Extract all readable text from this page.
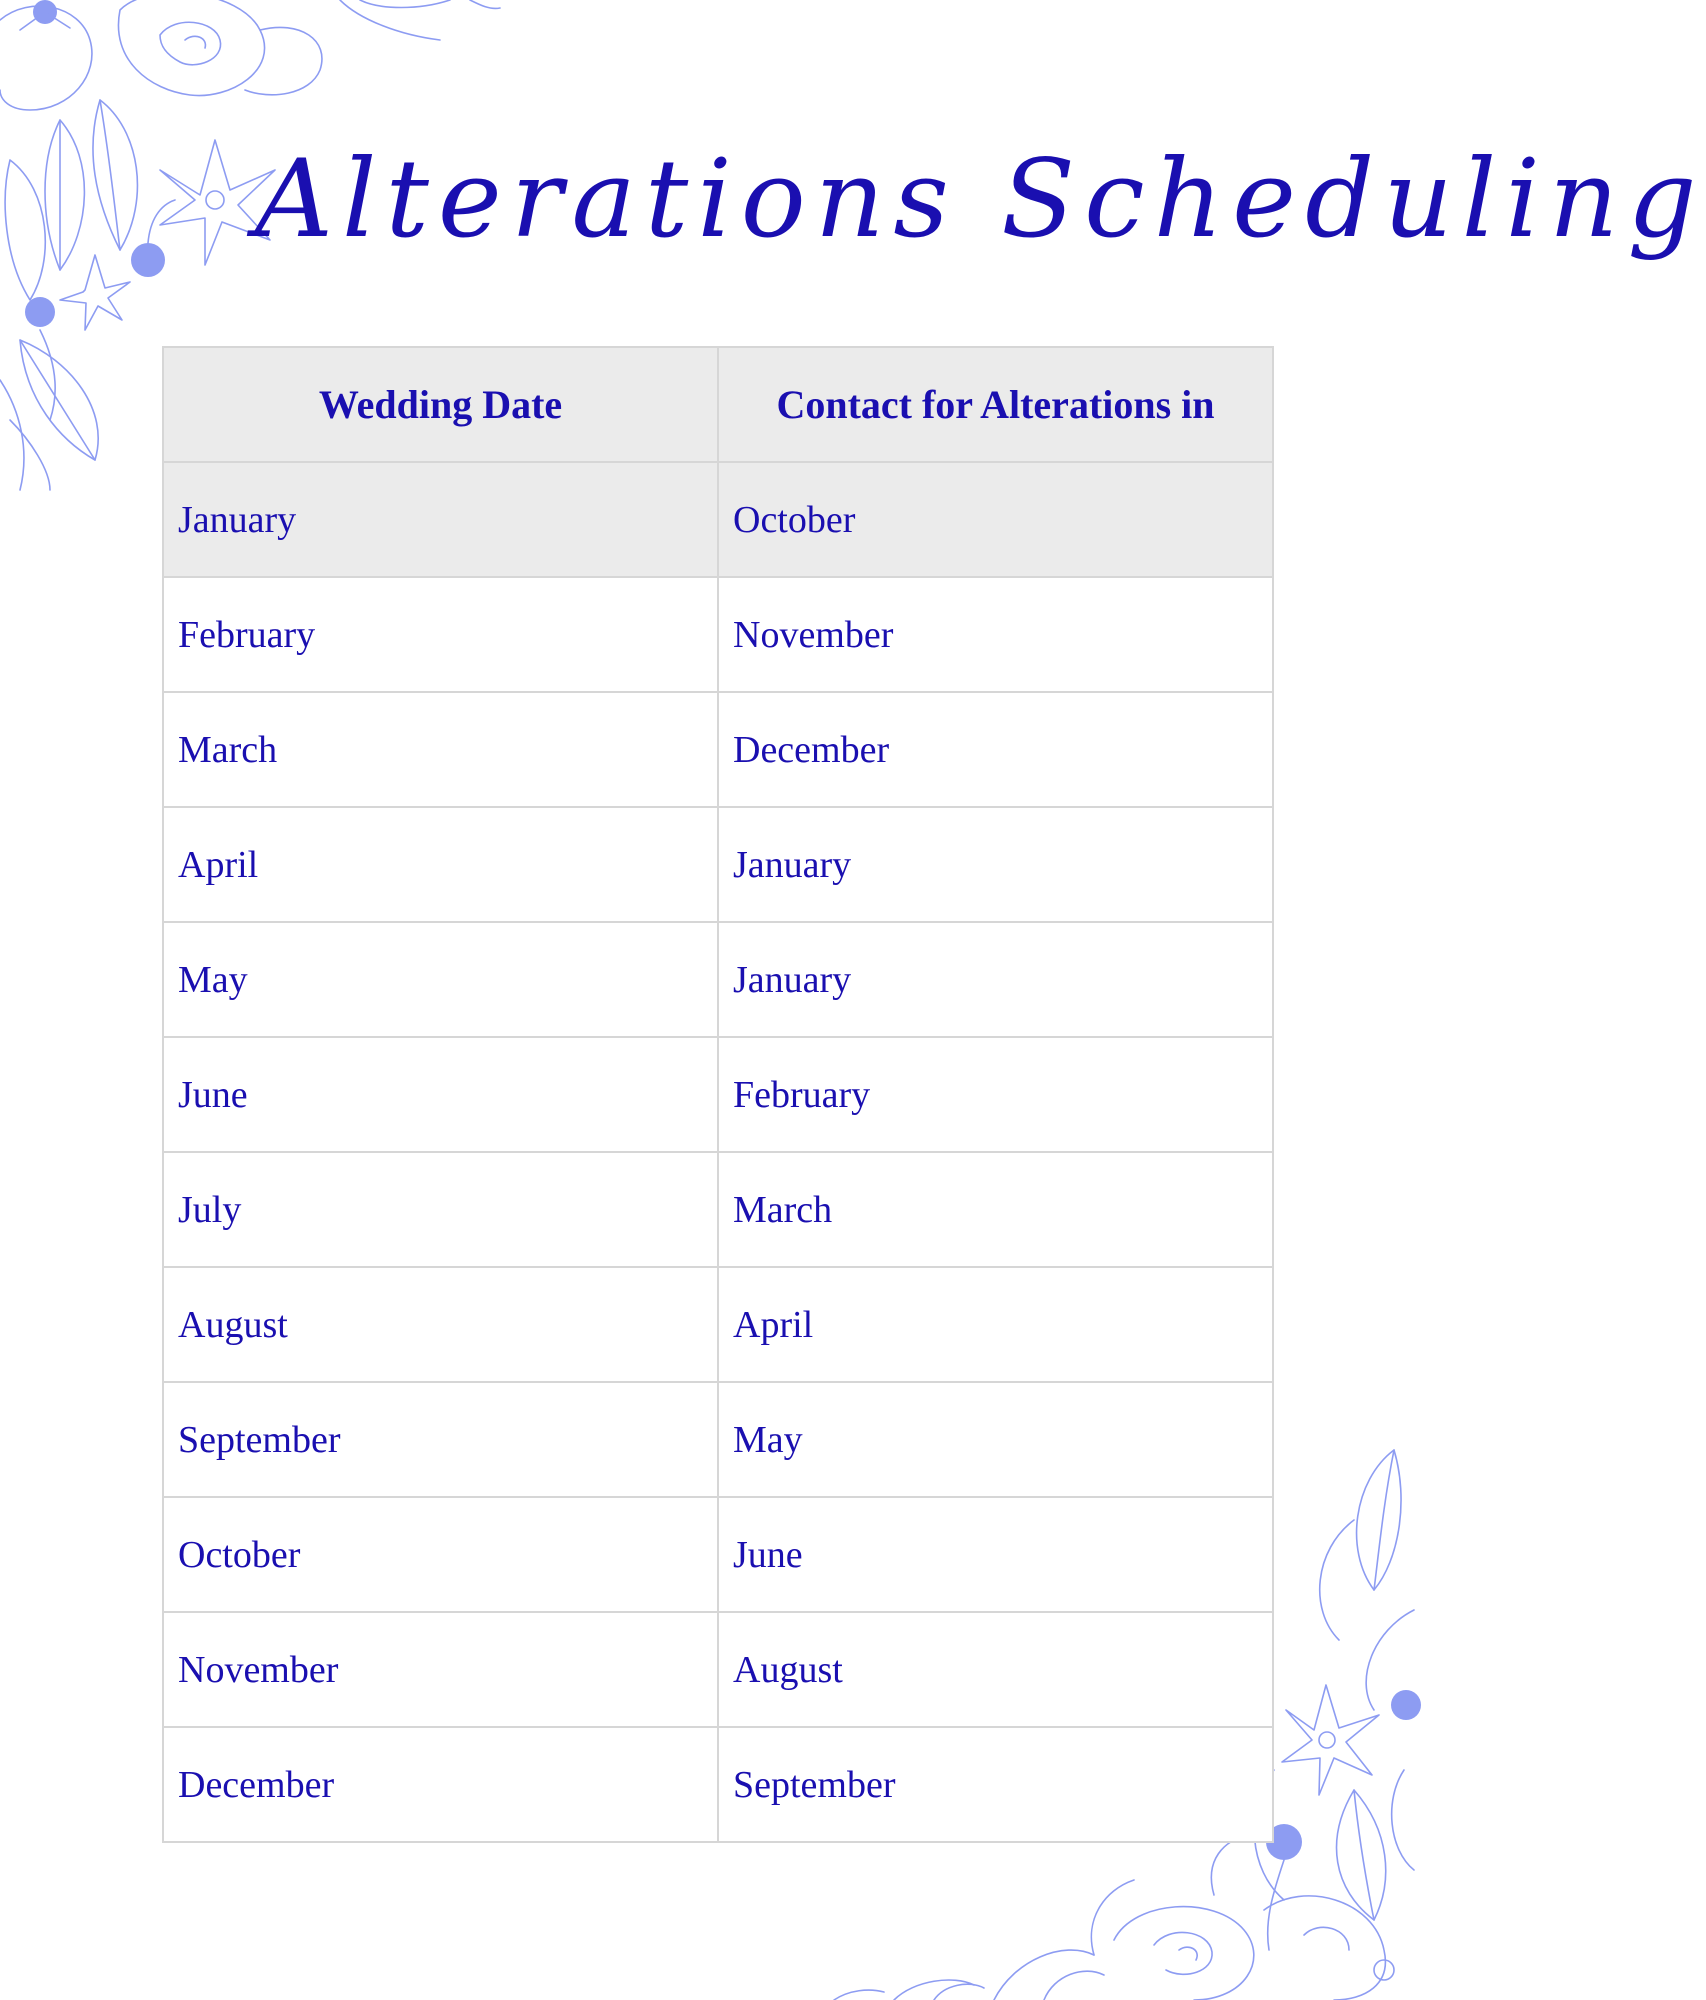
Alterations Scheduling
Wedding Date	Contact for Alterations in
January	October
February	November
March	December
April	January
May	January
June	February
July	March
August	April
September	May
October	June
November	August
December	September
